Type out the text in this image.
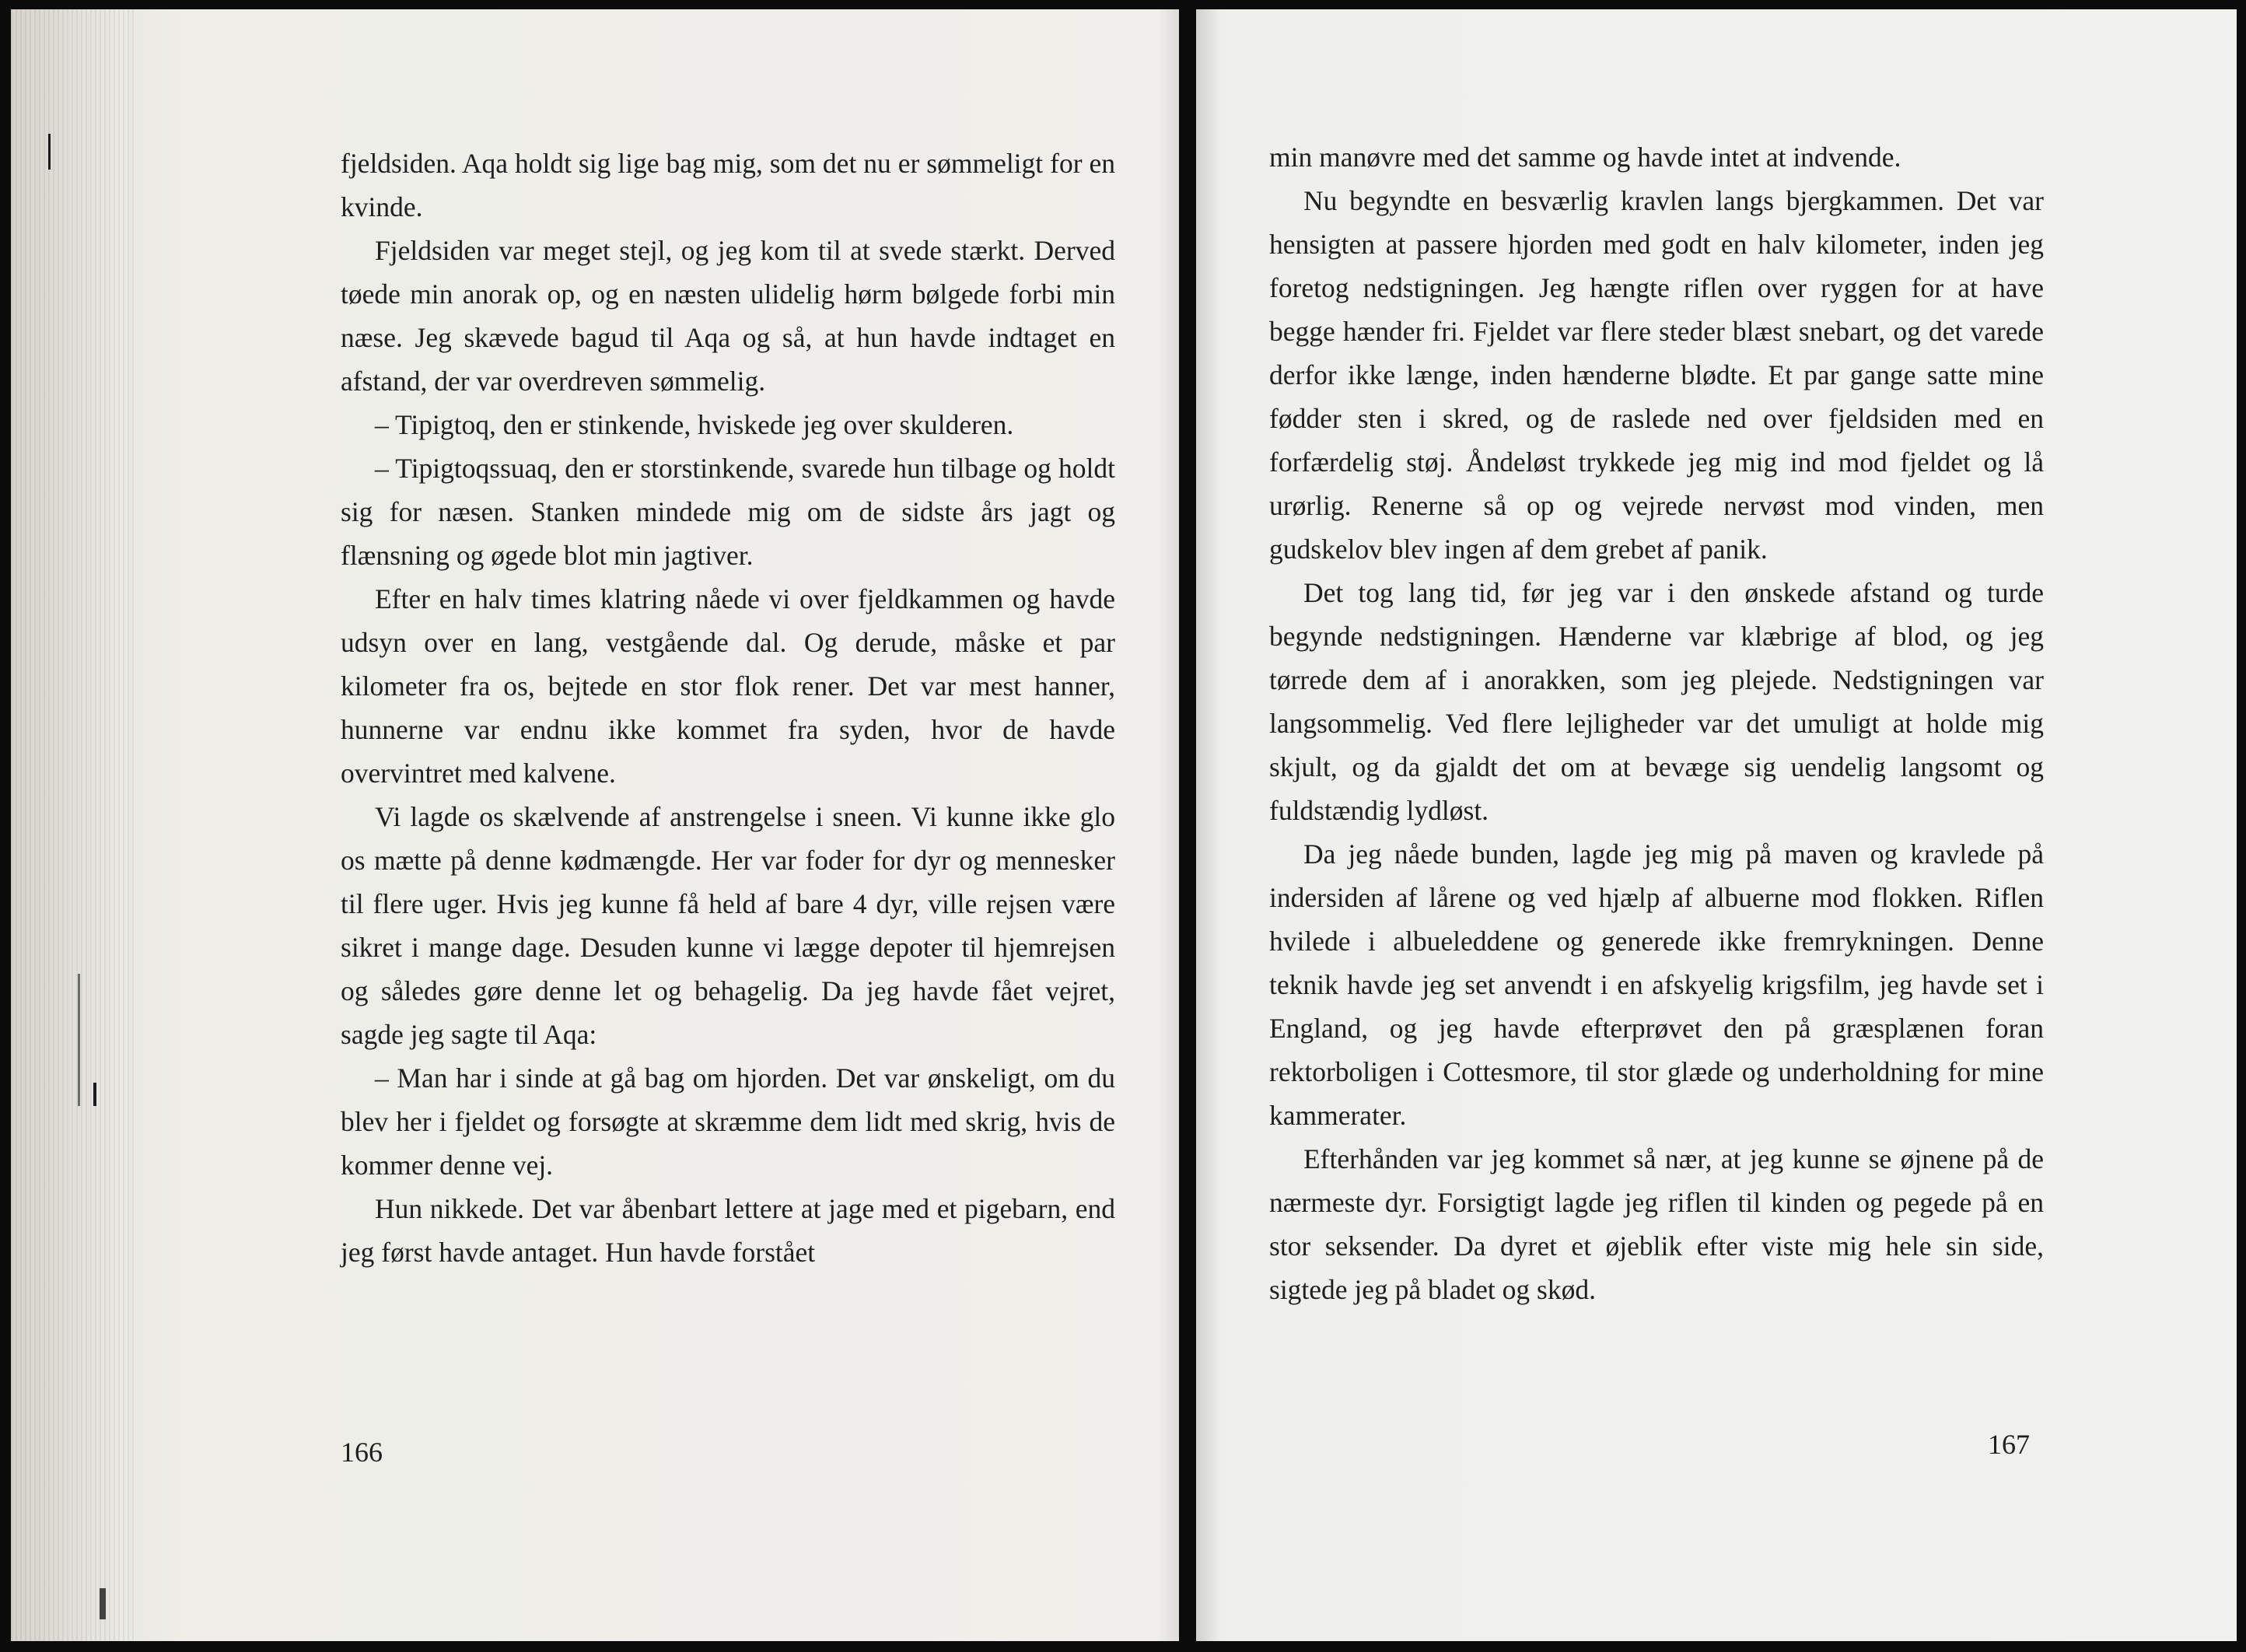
fjeldsiden. Aqa holdt sig lige bag mig, som det nu er sømmeligt for en kvinde.

Fjeldsiden var meget stejl, og jeg kom til at svede stærkt. Derved tøede min anorak op, og en næsten ulidelig hørm bølgede forbi min næse. Jeg skævede bagud til Aqa og så, at hun havde indtaget en afstand, der var overdreven sømmelig.

– Tipigtoq, den er stinkende, hviskede jeg over skulderen.

– Tipigtoqssuaq, den er storstinkende, svarede hun tilbage og holdt sig for næsen. Stanken mindede mig om de sidste års jagt og flænsning og øgede blot min jagtiver.

Efter en halv times klatring nåede vi over fjeldkammen og havde udsyn over en lang, vestgående dal. Og derude, måske et par kilometer fra os, bejtede en stor flok rener. Det var mest hanner, hunnerne var endnu ikke kommet fra syden, hvor de havde overvintret med kalvene.

Vi lagde os skælvende af anstrengelse i sneen. Vi kunne ikke glo os mætte på denne kødmængde. Her var foder for dyr og mennesker til flere uger. Hvis jeg kunne få held af bare 4 dyr, ville rejsen være sikret i mange dage. Desuden kunne vi lægge depoter til hjemrejsen og således gøre denne let og behagelig. Da jeg havde fået vejret, sagde jeg sagte til Aqa:

– Man har i sinde at gå bag om hjorden. Det var ønskeligt, om du blev her i fjeldet og forsøgte at skræmme dem lidt med skrig, hvis de kommer denne vej.

Hun nikkede. Det var åbenbart lettere at jage med et pigebarn, end jeg først havde antaget. Hun havde forstået

166

min manøvre med det samme og havde intet at indvende.

Nu begyndte en besværlig kravlen langs bjergkammen. Det var hensigten at passere hjorden med godt en halv kilometer, inden jeg foretog nedstigningen. Jeg hængte riflen over ryggen for at have begge hænder fri. Fjeldet var flere steder blæst snebart, og det varede derfor ikke længe, inden hænderne blødte. Et par gange satte mine fødder sten i skred, og de raslede ned over fjeldsiden med en forfærdelig støj. Åndeløst trykkede jeg mig ind mod fjeldet og lå urørlig. Renerne så op og vejrede nervøst mod vinden, men gudskelov blev ingen af dem grebet af panik.

Det tog lang tid, før jeg var i den ønskede afstand og turde begynde nedstigningen. Hænderne var klæbrige af blod, og jeg tørrede dem af i anorakken, som jeg plejede. Nedstigningen var langsommelig. Ved flere lejligheder var det umuligt at holde mig skjult, og da gjaldt det om at bevæge sig uendelig langsomt og fuldstændig lydløst.

Da jeg nåede bunden, lagde jeg mig på maven og kravlede på indersiden af lårene og ved hjælp af albuerne mod flokken. Riflen hvilede i albueleddene og generede ikke fremrykningen. Denne teknik havde jeg set anvendt i en afskyelig krigsfilm, jeg havde set i England, og jeg havde efterprøvet den på græsplænen foran rektorboligen i Cottesmore, til stor glæde og underholdning for mine kammerater.

Efterhånden var jeg kommet så nær, at jeg kunne se øjnene på de nærmeste dyr. Forsigtigt lagde jeg riflen til kinden og pegede på en stor seksender. Da dyret et øjeblik efter viste mig hele sin side, sigtede jeg på bladet og skød.

167
